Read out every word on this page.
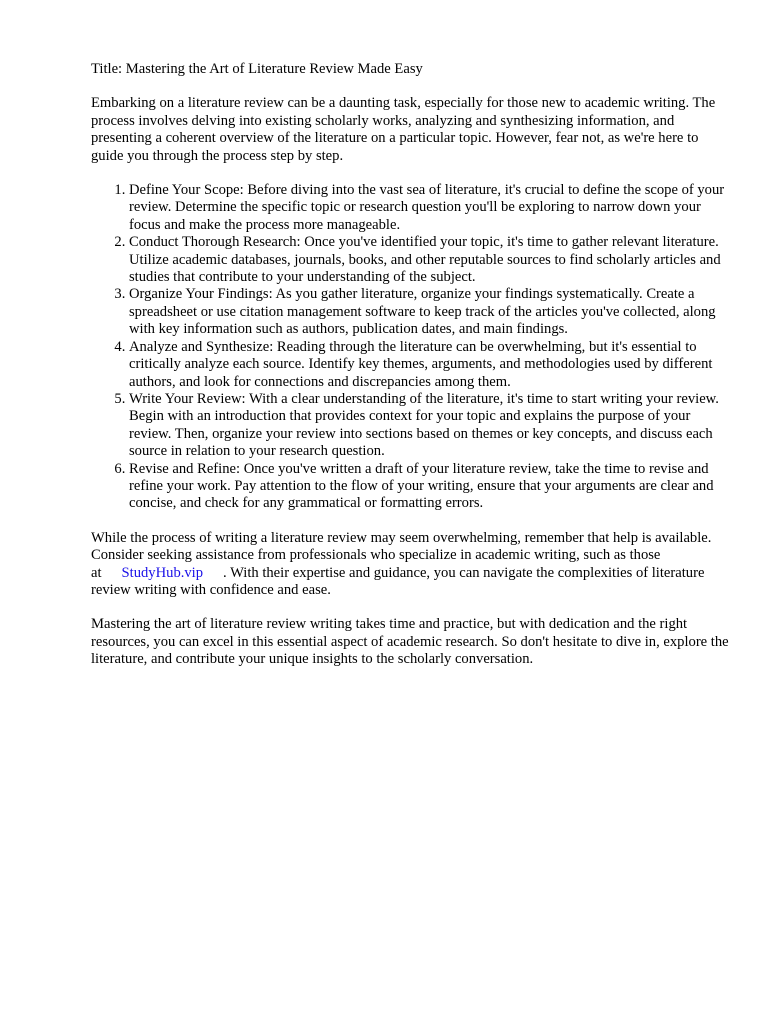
Title: Mastering the Art of Literature Review Made Easy

Embarking on a literature review can be a daunting task, especially for those new to academic writing. The process involves delving into existing scholarly works, analyzing and synthesizing information, and presenting a coherent overview of the literature on a particular topic. However, fear not, as we're here to guide you through the process step by step.

1. Define Your Scope: Before diving into the vast sea of literature, it's crucial to define the scope of your review. Determine the specific topic or research question you'll be exploring to narrow down your focus and make the process more manageable.
2. Conduct Thorough Research: Once you've identified your topic, it's time to gather relevant literature. Utilize academic databases, journals, books, and other reputable sources to find scholarly articles and studies that contribute to your understanding of the subject.
3. Organize Your Findings: As you gather literature, organize your findings systematically. Create a spreadsheet or use citation management software to keep track of the articles you've collected, along with key information such as authors, publication dates, and main findings.
4. Analyze and Synthesize: Reading through the literature can be overwhelming, but it's essential to critically analyze each source. Identify key themes, arguments, and methodologies used by different authors, and look for connections and discrepancies among them.
5. Write Your Review: With a clear understanding of the literature, it's time to start writing your review. Begin with an introduction that provides context for your topic and explains the purpose of your review. Then, organize your review into sections based on themes or key concepts, and discuss each source in relation to your research question.
6. Revise and Refine: Once you've written a draft of your literature review, take the time to revise and refine your work. Pay attention to the flow of your writing, ensure that your arguments are clear and concise, and check for any grammatical or formatting errors.

While the process of writing a literature review may seem overwhelming, remember that help is available. Consider seeking assistance from professionals who specialize in academic writing, such as those at StudyHub.vip . With their expertise and guidance, you can navigate the complexities of literature review writing with confidence and ease.

Mastering the art of literature review writing takes time and practice, but with dedication and the right resources, you can excel in this essential aspect of academic research. So don't hesitate to dive in, explore the literature, and contribute your unique insights to the scholarly conversation.
